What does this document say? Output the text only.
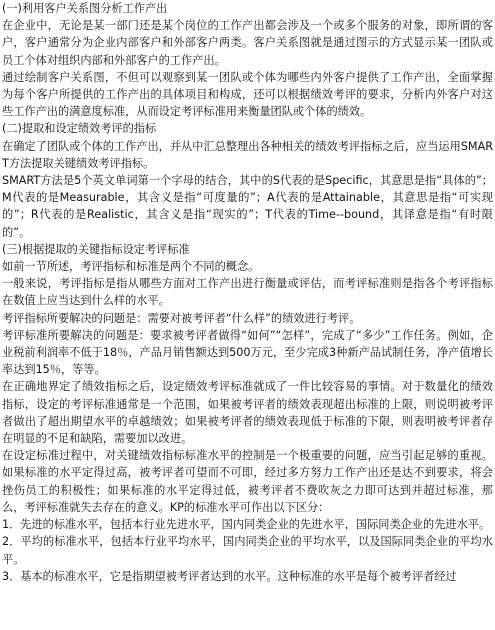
(一)利用客户关系图分析工作产出

在企业中，无论是某一部门还是某个岗位的工作产出都会涉及一个或多个服务的对象，即所谓的客户，客户通常分为企业内部客户和外部客户两类。客户关系图就是通过图示的方式显示某一团队或员工个体对组织内部和外部客户的工作产出。

通过绘制客户关系图，不但可以观察到某一团队或个体为哪些内外客户提供了工作产出，全面掌握为每个客户所提供的工作产出的具体项目和构成，还可以根据绩效考评的要求，分析内外客户对这些工作产出的满意度标准，从而设定考评标准用来衡量团队或个体的绩效。

(二)提取和设定绩效考评的指标

在确定了团队或个体的工作产出，并从中汇总整理出各种相关的绩效考评指标之后，应当运用SMART方法提取关键绩效考评指标。

SMART方法是5个英文单词第一个字母的结合，其中的S代表的是Specific，其意思是指“具体的”；M代表的是Measurable，其含义是指“可度量的”；A代表的是Attainable，其意思是指“可实现的”；R代表的是Realistic，其含义是指“现实的”；T代表的Time--bound，其译意是指“有时限的”。

(三)根据提取的关键指标设定考评标准

如前一节所述，考评指标和标准是两个不同的概念。

一般来说，考评指标是指从哪些方面对工作产出进行衡量或评估，而考评标准则是指各个考评指标在数值上应当达到什么样的水平。

考评指标所要解决的问题是：需要对被考评者“什么样”的绩效进行考评。

考评标准所要解决的问题是：要求被考评者做得“如何”“怎样”，完成了“多少”工作任务。例如，企业税前利润率不低于18％，产品月销售额达到500万元，至少完成3种新产品试制任务，净产值增长率达到15％，等等。

在正确地界定了绩效指标之后，设定绩效考评标准就成了一件比较容易的事情。对于数量化的绩效指标，设定的考评标准通常是一个范围，如果被考评者的绩效表现超出标准的上限，则说明被考评者做出了超出期望水平的卓越绩效；如果被考评者的绩效表现低于标准的下限，则表明被考评者存在明显的不足和缺陷，需要加以改进。

在设定标准过程中，对关键绩效指标标准水平的控制是一个极重要的问题，应当引起足够的重视。如果标准的水平定得过高，被考评者可望而不可即，经过多方努力工作产出还是达不到要求，将会挫伤员工的积极性；如果标准的水平定得过低，被考评者不费吹灰之力即可达到并超过标准，那么，考评标准就失去存在的意义。KP的标准水平可作出以下区分：

1．先进的标准水平，包括本行业先进水平，国内同类企业的先进水平，国际同类企业的先进水平。

2．平均的标准水平，包括本行业平均水平，国内同类企业的平均水平，以及国际同类企业的平均水平。

3．基本的标准水平，它是指期望被考评者达到的水平。这种标准的水平是每个被考评者经过
